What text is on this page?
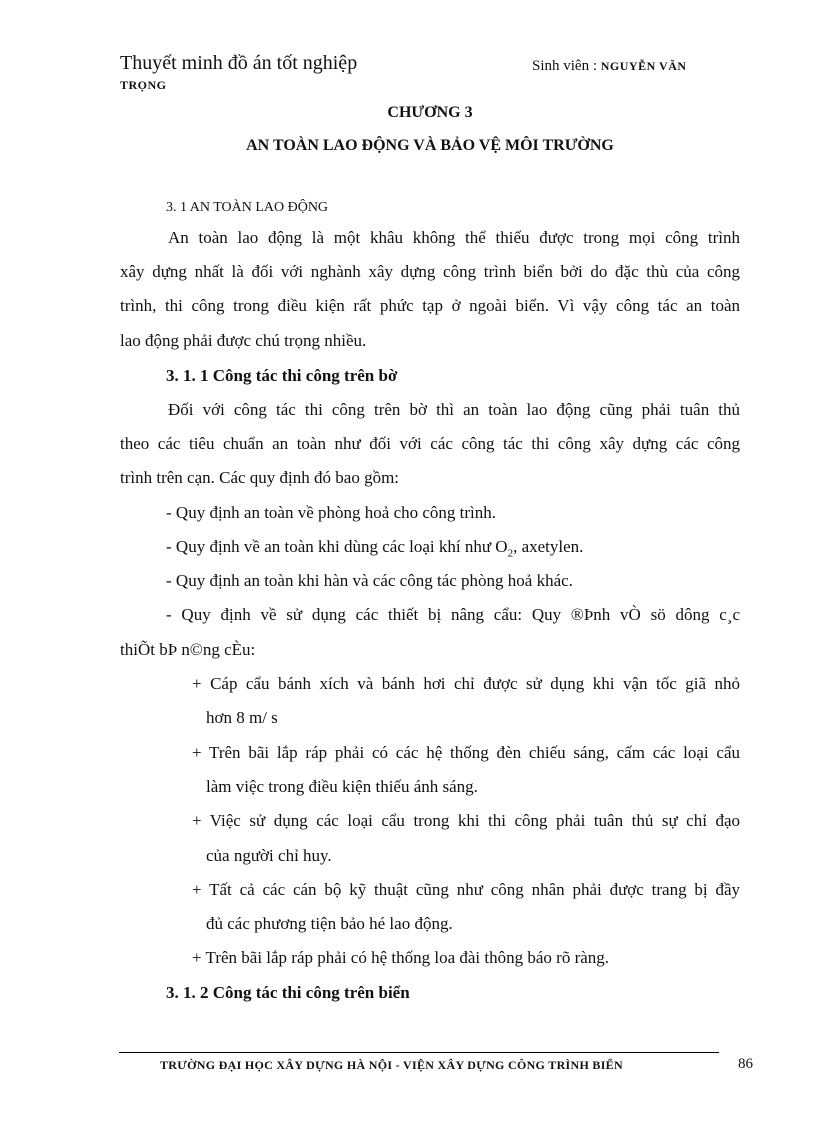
Thuyết minh đồ án tốt nghiệp	Sinh viên : NGUYỄN VĂN
TRỌNG
CHƯƠNG 3
AN TOÀN LAO ĐỘNG VÀ BẢO VỆ MÔI TRƯỜNG
3. 1 AN TOÀN LAO ĐỘNG
An toàn lao động là một khâu không thể thiếu được trong mọi công trình
xây dựng nhất là đối với nghành xây dựng công trình biển bởi do đặc thù của công
trình, thi công trong điều kiện rất phức tạp ở ngoài biển. Vì vậy công tác an toàn
lao động phải được chú trọng nhiều.
3. 1. 1 Công tác thi công trên bờ
Đối với công tác thi công trên bờ thì an toàn lao động cũng phải tuân thủ
theo các tiêu chuẩn an toàn như đối với các công tác thi công xây dựng các công
trình trên cạn. Các quy định đó bao gồm:
- Quy định an toàn về phòng hoả cho công trình.
- Quy định về an toàn khi dùng các loại khí như $O_2$, axetylen.
- Quy định an toàn khi hàn và các công tác phòng hoả khác.
- Quy định về sử dụng các thiết bị nâng cẩu: Quy ®Þnh vÒ sö dông c¸c
thiÕt bÞ n©ng cÈu:
+ Cáp cẩu bánh xích và bánh hơi chỉ được sử dụng khi vận tốc giã nhỏ
hơn 8 m/ s
+ Trên bãi lắp ráp phải có các hệ thống đèn chiếu sáng, cấm các loại cẩu
làm việc trong điều kiện thiếu ánh sáng.
+ Việc sử dụng các loại cẩu trong khi thi công phải tuân thủ sự chỉ đạo
của người chỉ huy.
+ Tất cả các cán bộ kỹ thuật cũng như công nhân phải được trang bị đầy
đủ các phương tiện bảo hé lao động.
+ Trên bãi lắp ráp phải có hệ thống loa đài thông báo rõ ràng.
3. 1. 2 Công tác thi công trên biển
TRƯỜNG ĐẠI HỌC XÂY DỰNG HÀ NỘI - VIỆN XÂY DỰNG CÔNG TRÌNH BIỂN	86
